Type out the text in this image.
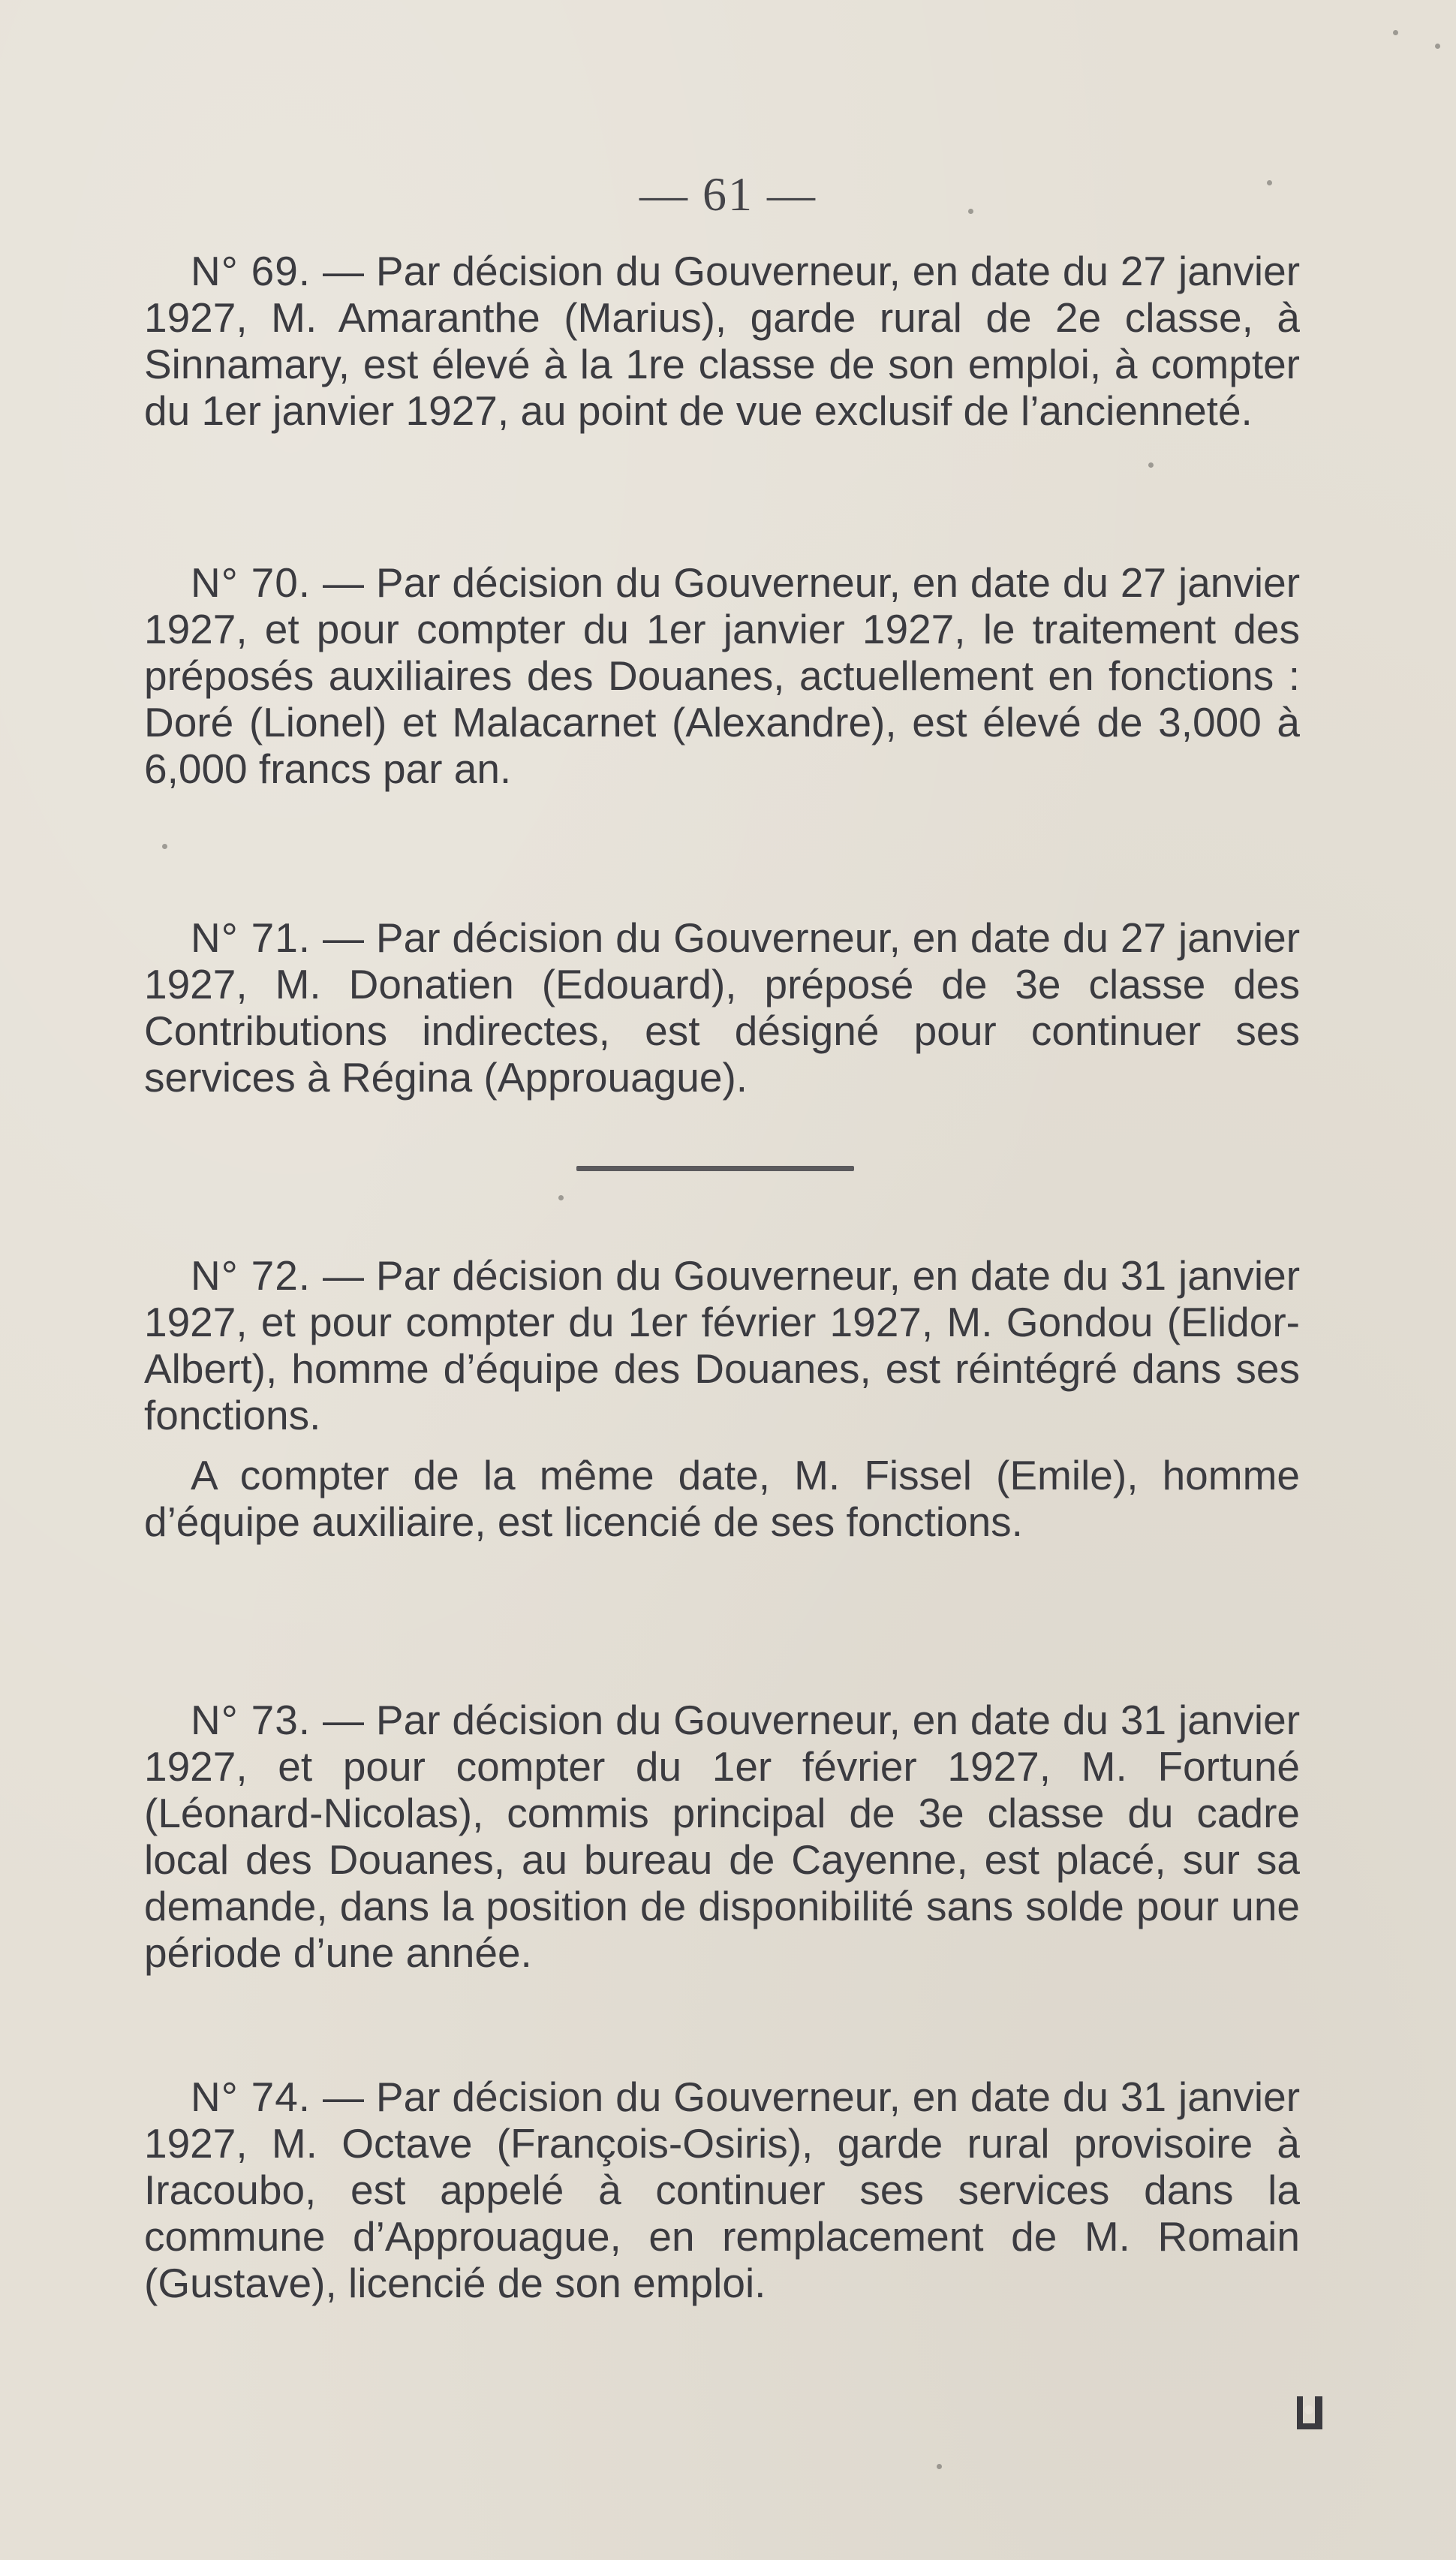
— 61 —

N° 69. — Par décision du Gouverneur, en date du 27 janvier 1927, M. Amaranthe (Marius), garde rural de 2e classe, à Sinnamary, est élevé à la 1re classe de son emploi, à compter du 1er janvier 1927, au point de vue exclusif de l’ancienneté.

N° 70. — Par décision du Gouverneur, en date du 27 janvier 1927, et pour compter du 1er janvier 1927, le traitement des préposés auxiliaires des Douanes, actuellement en fonctions : Doré (Lionel) et Malacarnet (Alexandre), est élevé de 3,000 à 6,000 francs par an.

N° 71. — Par décision du Gouverneur, en date du 27 janvier 1927, M. Donatien (Edouard), préposé de 3e classe des Contributions indirectes, est désigné pour continuer ses services à Régina (Approuague).

N° 72. — Par décision du Gouverneur, en date du 31 janvier 1927, et pour compter du 1er février 1927, M. Gondou (Elidor-Albert), homme d’équipe des Douanes, est réintégré dans ses fonctions.

A compter de la même date, M. Fissel (Emile), homme d’équipe auxiliaire, est licencié de ses fonctions.

N° 73. — Par décision du Gouverneur, en date du 31 janvier 1927, et pour compter du 1er février 1927, M. Fortuné (Léonard-Nicolas), commis principal de 3e classe du cadre local des Douanes, au bureau de Cayenne, est placé, sur sa demande, dans la position de disponibilité sans solde pour une période d’une année.

N° 74. — Par décision du Gouverneur, en date du 31 janvier 1927, M. Octave (François-Osiris), garde rural provisoire à Iracoubo, est appelé à continuer ses services dans la commune d’Approuague, en remplacement de M. Romain (Gustave), licencié de son emploi.
